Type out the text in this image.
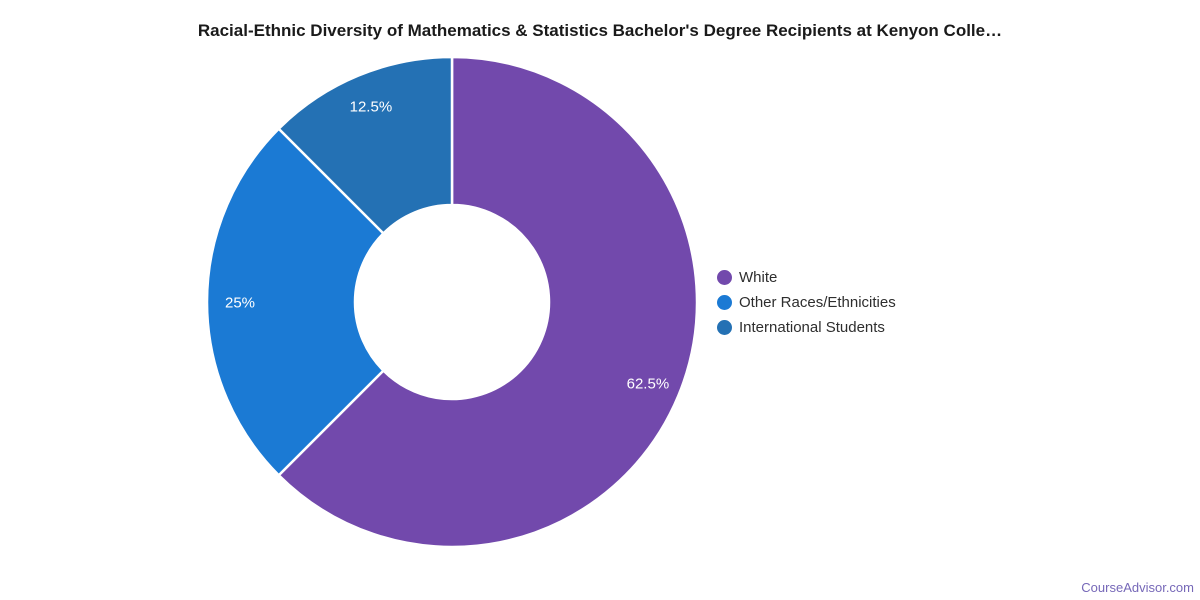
Racial-Ethnic Diversity of Mathematics & Statistics Bachelor's Degree Recipients at Kenyon Colle…
62.5%
25%
12.5%
White
Other Races/Ethnicities
International Students
CourseAdvisor.com
